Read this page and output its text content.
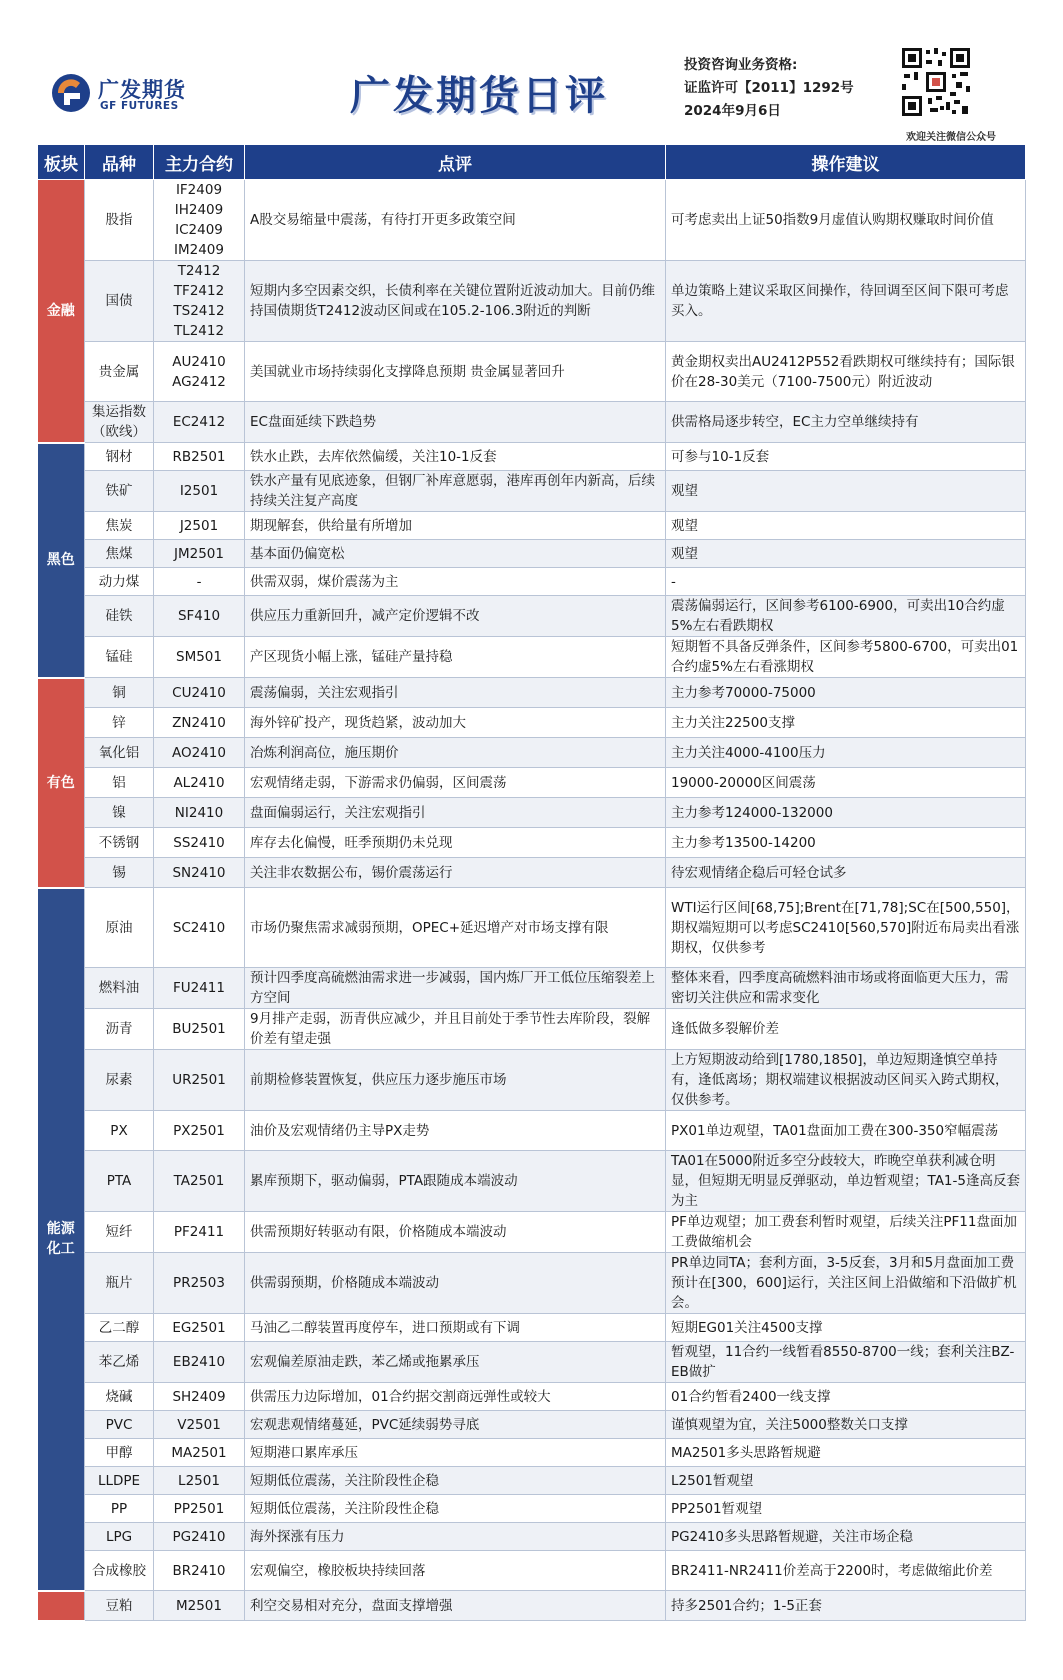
广发期货
GF FUTURES	广发期货日评
投资咨询业务资格:
证监许可【2011】1292号
2024年9月6日
欢迎关注微信公众号
板块	品种	主力合约	点评	操作建议
金融	股指	IF2409
IH2409
IC2409
IM2409	A股交易缩量中震荡，有待打开更多政策空间	可考虑卖出上证50指数9月虚值认购期权赚取时间价值
	国债	T2412
TF2412
TS2412
TL2412	短期内多空因素交织，长债利率在关键位置附近波动加大。目前仍维持国债期货T2412波动区间或在105.2-106.3附近的判断	单边策略上建议采取区间操作，待回调至区间下限可考虑买入。
	贵金属	AU2410
AG2412	美国就业市场持续弱化支撑降息预期 贵金属显著回升	黄金期权卖出AU2412P552看跌期权可继续持有；国际银价在28-30美元（7100-7500元）附近波动
	集运指数（欧线）	EC2412	EC盘面延续下跌趋势	供需格局逐步转空，EC主力空单继续持有
黑色	钢材	RB2501	铁水止跌，去库依然偏缓，关注10-1反套	可参与10-1反套
	铁矿	I2501	铁水产量有见底迹象，但钢厂补库意愿弱，港库再创年内新高，后续持续关注复产高度	观望
	焦炭	J2501	期现解套，供给量有所增加	观望
	焦煤	JM2501	基本面仍偏宽松	观望
	动力煤	-	供需双弱，煤价震荡为主	-
	硅铁	SF410	供应压力重新回升，减产定价逻辑不改	震荡偏弱运行，区间参考6100-6900，可卖出10合约虚5%左右看跌期权
	锰硅	SM501	产区现货小幅上涨，锰硅产量持稳	短期暂不具备反弹条件，区间参考5800-6700，可卖出01合约虚5%左右看涨期权
有色	铜	CU2410	震荡偏弱，关注宏观指引	主力参考70000-75000
	锌	ZN2410	海外锌矿投产，现货趋紧，波动加大	主力关注22500支撑
	氧化铝	AO2410	冶炼利润高位，施压期价	主力关注4000-4100压力
	铝	AL2410	宏观情绪走弱，下游需求仍偏弱，区间震荡	19000-20000区间震荡
	镍	NI2410	盘面偏弱运行，关注宏观指引	主力参考124000-132000
	不锈钢	SS2410	库存去化偏慢，旺季预期仍未兑现	主力参考13500-14200
	锡	SN2410	关注非农数据公布，锡价震荡运行	待宏观情绪企稳后可轻仓试多
能源
化工	原油	SC2410	市场仍聚焦需求减弱预期，OPEC+延迟增产对市场支撑有限	WTI运行区间[68,75];Brent在[71,78];SC在[500,550]，期权端短期可以考虑SC2410[560,570]附近布局卖出看涨期权，仅供参考
	燃料油	FU2411	预计四季度高硫燃油需求进一步减弱，国内炼厂开工低位压缩裂差上方空间	整体来看，四季度高硫燃料油市场或将面临更大压力，需密切关注供应和需求变化
	沥青	BU2501	9月排产走弱，沥青供应减少，并且目前处于季节性去库阶段，裂解价差有望走强	逢低做多裂解价差
	尿素	UR2501	前期检修装置恢复，供应压力逐步施压市场	上方短期波动给到[1780,1850]，单边短期逢慎空单持有，逢低离场；期权端建议根据波动区间买入跨式期权，仅供参考。
	PX	PX2501	油价及宏观情绪仍主导PX走势	PX01单边观望，TA01盘面加工费在300-350窄幅震荡
	PTA	TA2501	累库预期下，驱动偏弱，PTA跟随成本端波动	TA01在5000附近多空分歧较大，昨晚空单获利减仓明显，但短期无明显反弹驱动，单边暂观望；TA1-5逢高反套为主
	短纤	PF2411	供需预期好转驱动有限，价格随成本端波动	PF单边观望；加工费套利暂时观望，后续关注PF11盘面加工费做缩机会
	瓶片	PR2503	供需弱预期，价格随成本端波动	PR单边同TA；套利方面，3-5反套，3月和5月盘面加工费预计在[300，600]运行，关注区间上沿做缩和下沿做扩机会。
	乙二醇	EG2501	马油乙二醇装置再度停车，进口预期或有下调	短期EG01关注4500支撑
	苯乙烯	EB2410	宏观偏差原油走跌，苯乙烯或拖累承压	暂观望，11合约一线暂看8550-8700一线；套利关注BZ-EB做扩
	烧碱	SH2409	供需压力边际增加，01合约据交割商远弹性或较大	01合约暂看2400一线支撑
	PVC	V2501	宏观悲观情绪蔓延，PVC延续弱势寻底	谨慎观望为宜，关注5000整数关口支撑
	甲醇	MA2501	短期港口累库承压	MA2501多头思路暂规避
	LLDPE	L2501	短期低位震荡，关注阶段性企稳	L2501暂观望
	PP	PP2501	短期低位震荡，关注阶段性企稳	PP2501暂观望
	LPG	PG2410	海外探涨有压力	PG2410多头思路暂规避，关注市场企稳
	合成橡胶	BR2410	宏观偏空，橡胶板块持续回落	BR2411-NR2411价差高于2200时，考虑做缩此价差
	豆粕	M2501	利空交易相对充分，盘面支撑增强	持多2501合约；1-5正套
